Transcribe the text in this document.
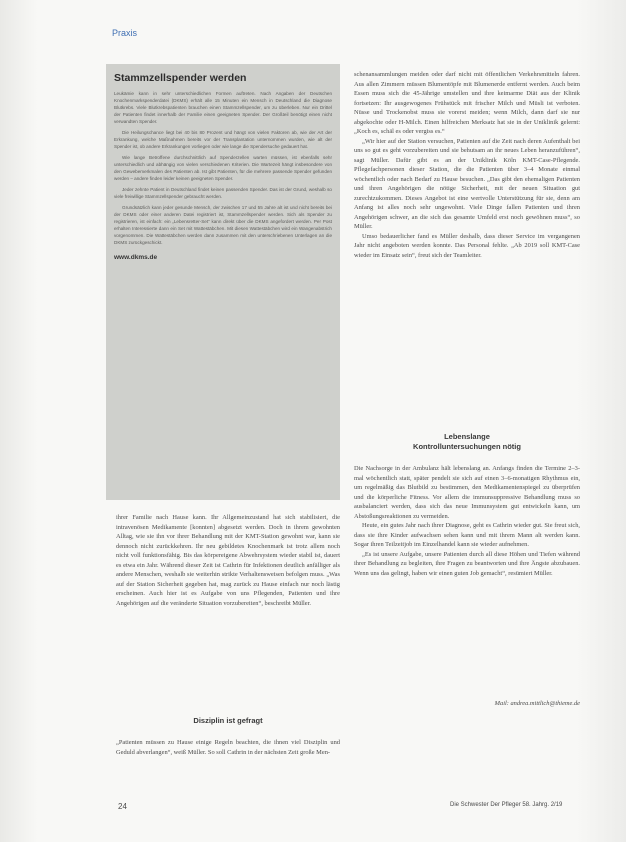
Praxis
Stammzellspender werden

Leukämie kann in sehr unterschiedlichen Formen auftreten. Nach Angaben der Deutschen Knochenmarkspenderdatei (DKMS) erhält alle 15 Minuten ein Mensch in Deutschland die Diagnose Blutkrebs. Viele Blutkrebspatienten brauchen einen Stammzellspender, um zu überleben. Nur ein Drittel der Patienten findet innerhalb der Familie einen geeigneten Spender. Der Großteil benötigt einen nicht verwandten Spender.

Die Heilungschance liegt bei 40 bis 80 Prozent und hängt von vielen Faktoren ab, wie der Art der Erkrankung, welche Maßnahmen bereits vor der Transplantation unternommen wurden, wie alt der Spender ist, ob andere Erkrankungen vorliegen oder wie lange die Spendersuche gedauert hat.

Wie lange Betroffene durchschnittlich auf Spenderzellen warten müssen, ist ebenfalls sehr unterschiedlich und abhängig von vielen verschiedenen Kriterien. Die Wartezeit hängt insbesondere von den Gewebemerkmalen des Patienten ab. Ist gibt Patienten, für die mehrere passende Spender gefunden werden – andere finden leider keinen geeigneten Spender.

Jeder zehnte Patient in Deutschland findet keinen passenden Spender. Das ist der Grund, weshalb so viele freiwillige Stammzellspender gebraucht werden.

Grundsätzlich kann jeder gesunde Mensch, der zwischen 17 und 55 Jahre alt ist und nicht bereits bei der DKMS oder einer anderen Datei registriert ist, Stammzellspender werden. Sich als Spender zu registrieren, ist einfach: ein „Lebensretter-Set“ kann direkt über die DKMS angefordert werden. Per Post erhalten Interessierte dann ein Set mit Wattestäbchen. Mit diesen Wattestäbchen wird ein Wangenabstrich vorgenommen. Die Wattestäbchen werden dann zusammen mit den unterschriebenen Unterlagen an die DKMS zurückgeschickt.

www.dkms.de

ihrer Familie nach Hause kann. Ihr Allgemeinzustand hat sich stabilisiert, die intravenösen Medikamente [konnten] abgesetzt werden. Doch in ihrem gewohnten Alltag, wie sie ihn vor ihrer Behandlung mit der KMT-Station gewohnt war, kann sie dennoch nicht zurückkehren. Ihr neu gebildetes Knochenmark ist trotz allem noch nicht voll funktionsfähig. Bis das körpereigene Abwehrsystem wieder stabil ist, dauert es etwa ein Jahr. Während dieser Zeit ist Cathrin für Infektionen deutlich anfälliger als andere Menschen, weshalb sie weiterhin strikte Verhaltensweisen befolgen muss. „Was auf der Station Sicherheit gegeben hat, mag zurück zu Hause einfach nur noch lästig erscheinen. Auch hier ist es Aufgabe von uns Pflegenden, Patienten und ihre Angehörigen auf die veränderte Situation vorzubereiten“, beschreibt Müller.

Disziplin ist gefragt

„Patienten müssen zu Hause einige Regeln beachten, die ihnen viel Disziplin und Geduld abverlangen“, weiß Müller. So soll Cathrin in der nächsten Zeit große Men-

schenansammlungen meiden oder darf nicht mit öffentlichen Verkehrsmitteln fahren. Aus allen Zimmern müssen Blumentöpfe mit Blumenerde entfernt werden. Auch beim Essen muss sich die 45-Jährige umstellen und ihre keimarme Diät aus der Klinik fortsetzen: Ihr ausgewogenes Frühstück mit frischer Milch und Müsli ist verboten. Nüsse und Trockenobst muss sie vorerst meiden; wenn Milch, dann darf sie nur abgekochte oder H-Milch. Einen hilfreichen Merksatz hat sie in der Uniklinik gelernt: „Koch es, schäl es oder vergiss es.“

„Wir hier auf der Station versuchen, Patienten auf die Zeit nach deren Aufenthalt bei uns so gut es geht vorzubereiten und sie behutsam an ihr neues Leben heranzuführen“, sagt Müller. Dafür gibt es an der Uniklinik Köln KMT-Case-Pflegende. Pflegefachpersonen dieser Station, die die Patienten über 3–4 Monate einmal wöchentlich oder nach Bedarf zu Hause besuchen. „Das gibt den ehemaligen Patienten und ihren Angehörigen die nötige Sicherheit, mit der neuen Situation gut zurechtzukommen. Dieses Angebot ist eine wertvolle Unterstützung für sie, denn am Anfang ist alles noch sehr ungewohnt. Viele Dinge fallen Patienten und ihren Angehörigen schwer, an die sich das gesamte Umfeld erst noch gewöhnen muss“, so Müller.

Umso bedauerlicher fand es Müller deshalb, dass dieser Service im vergangenen Jahr nicht angeboten werden konnte. Das Personal fehlte. „Ab 2019 soll KMT-Case wieder im Einsatz sein“, freut sich der Teamleiter.

Lebenslange
Kontrolluntersuchungen nötig

Die Nachsorge in der Ambulanz hält lebenslang an. Anfangs finden die Termine 2–3-mal wöchentlich statt, später pendelt sie sich auf einen 3–6-monatigen Rhythmus ein, um regelmäßig das Blutbild zu bestimmen, den Medikamentenspiegel zu überprüfen und die körperliche Fitness. Vor allem die immunsuppressive Behandlung muss so ausbalanciert werden, dass sich das neue Immunsystem gut entwickeln kann, um Abstoßungsreaktionen zu vermeiden.

Heute, ein gutes Jahr nach ihrer Diagnose, geht es Cathrin wieder gut. Sie freut sich, dass sie ihre Kinder aufwachsen sehen kann und mit ihrem Mann alt werden kann. Sogar ihren Teilzeitjob im Einzelhandel kann sie wieder aufnehmen.

„Es ist unsere Aufgabe, unsere Patienten durch all diese Höhen und Tiefen während ihrer Behandlung zu begleiten, ihre Fragen zu beantworten und ihre Ängste abzubauen. Wenn uns das gelingt, haben wir einen guten Job gemacht“, resümiert Müller.

Mail: andrea.mittlich@thieme.de
24	Die Schwester Der Pfleger 58. Jahrg. 2/19
